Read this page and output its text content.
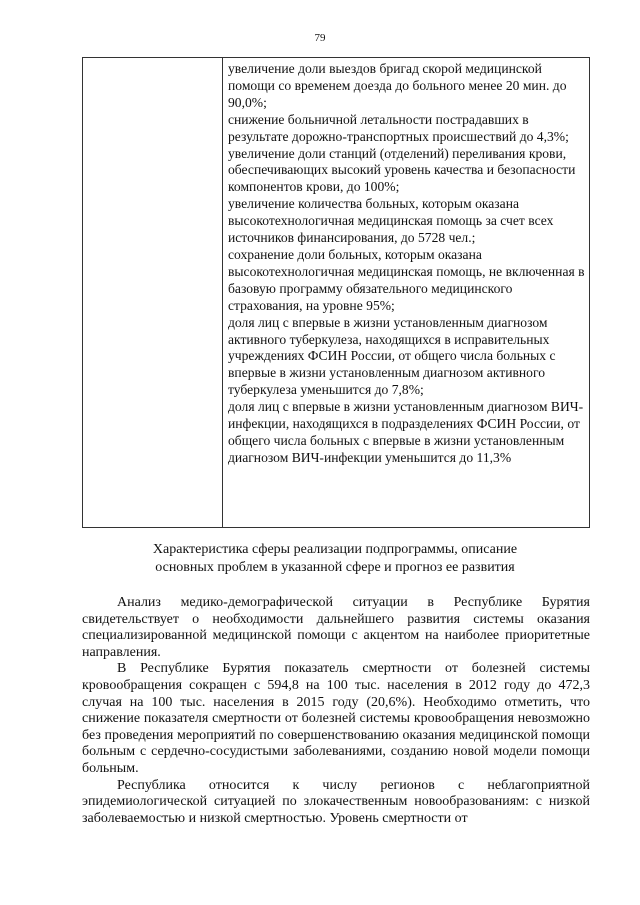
79

увеличение доли выездов бригад скорой медицинской помощи со временем доезда до больного менее 20 мин. до 90,0%;

снижение больничной летальности пострадавших в результате дорожно-транспортных происшествий до 4,3%;

увеличение доли станций (отделений) переливания крови, обеспечивающих высокий уровень качества и безопасности компонентов крови, до 100%;

увеличение количества больных, которым оказана высокотехнологичная медицинская помощь за счет всех источников финансирования, до 5728 чел.;

сохранение доли больных, которым оказана высокотехнологичная медицинская помощь, не включенная в базовую программу обязательного медицинского страхования, на уровне 95%;

доля лиц с впервые в жизни установленным диагнозом активного туберкулеза, находящихся в исправительных учреждениях ФСИН России, от общего числа больных с впервые в жизни установленным диагнозом активного туберкулеза уменьшится до 7,8%;

доля лиц с впервые в жизни установленным диагнозом ВИЧ-инфекции, находящихся в подразделениях ФСИН России, от общего числа больных с впервые в жизни установленным диагнозом ВИЧ-инфекции уменьшится до 11,3%

Характеристика сферы реализации подпрограммы, описание
основных проблем в указанной сфере и прогноз ее развития

Анализ медико-демографической ситуации в Республике Бурятия свидетельствует о необходимости дальнейшего развития системы оказания специализированной медицинской помощи с акцентом на наиболее приоритетные направления.

В Республике Бурятия показатель смертности от болезней системы кровообращения сокращен с 594,8 на 100 тыс. населения в 2012 году до 472,3 случая на 100 тыс. населения в 2015 году (20,6%). Необходимо отметить, что снижение показателя смертности от болезней системы кровообращения невозможно без проведения мероприятий по совершенствованию оказания медицинской помощи больным с сердечно-сосудистыми заболеваниями, созданию новой модели помощи больным.

Республика относится к числу регионов с неблагоприятной эпидемиологической ситуацией по злокачественным новообразованиям: с низкой заболеваемостью и низкой смертностью. Уровень смертности от
